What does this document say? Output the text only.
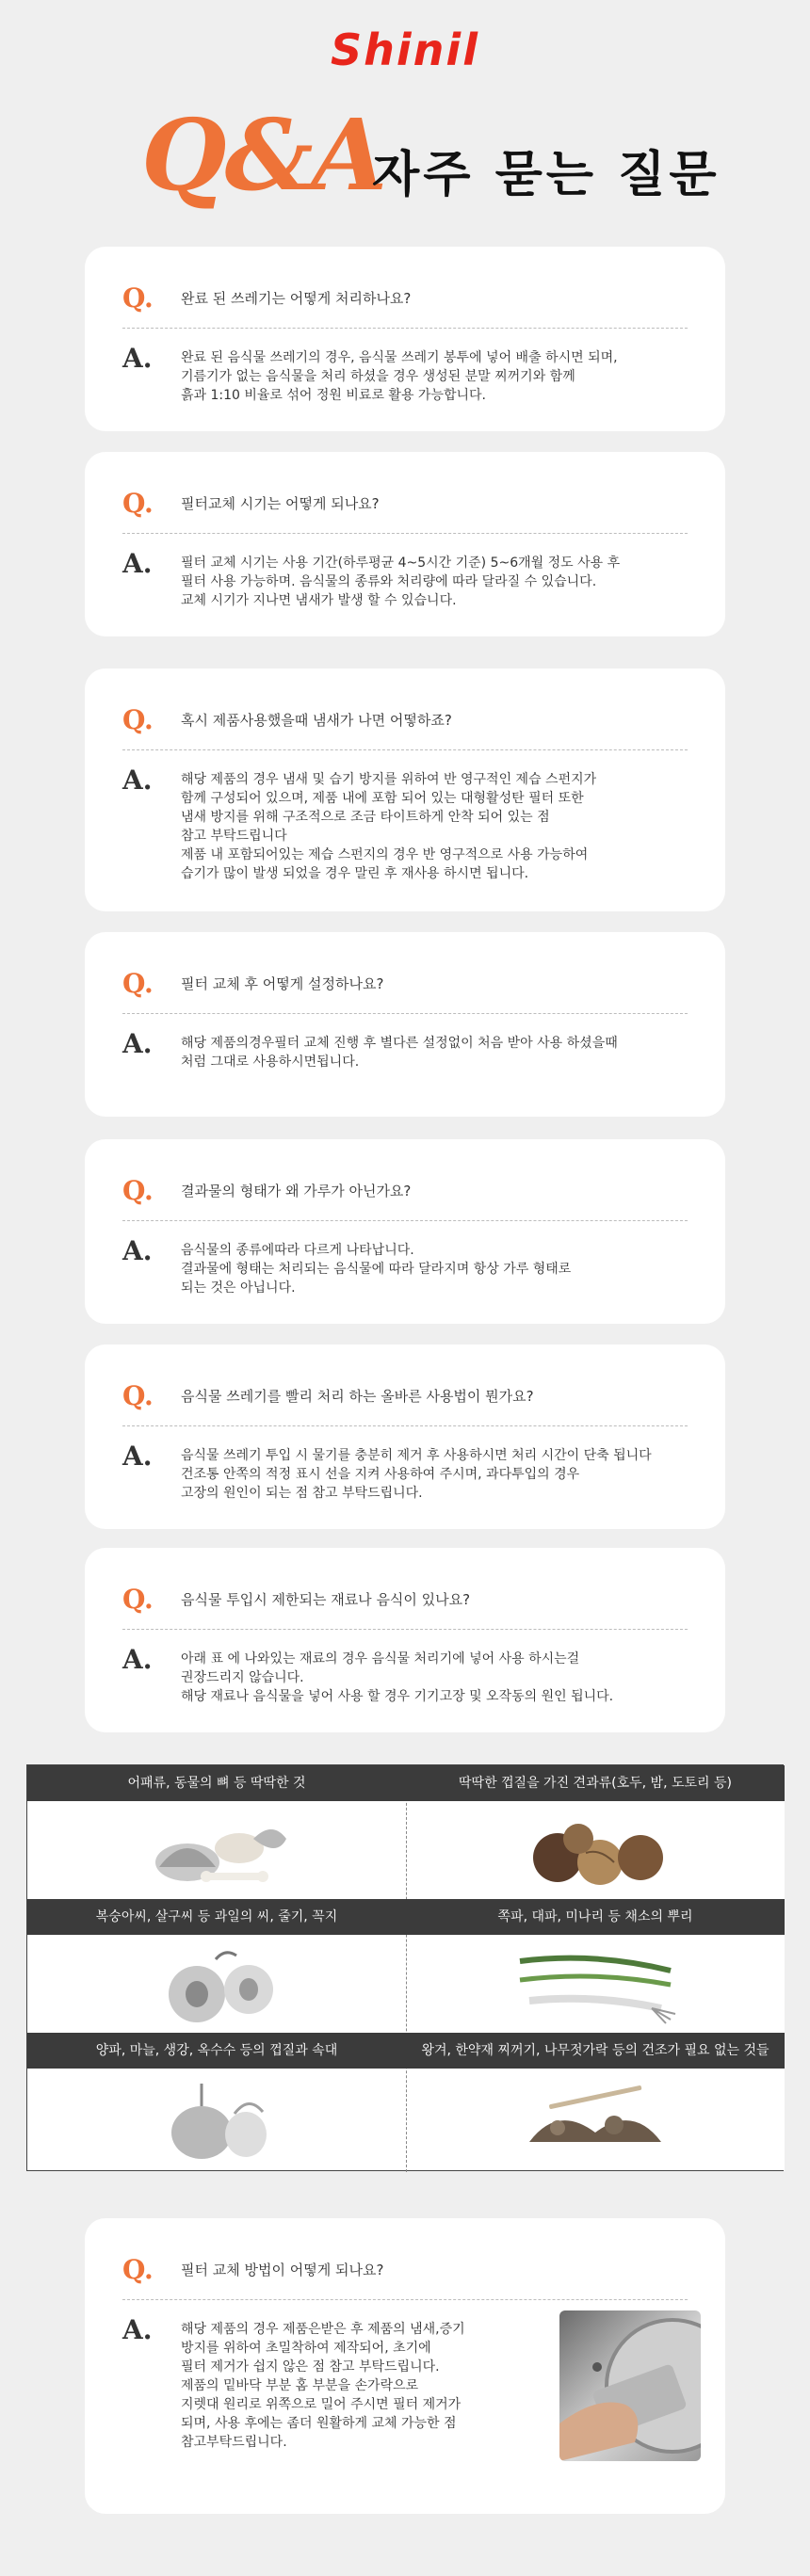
Shinil
Q&A
자주 묻는 질문
Q. 완료 된 쓰레기는 어떻게 처리하나요?
A. 완료 된 음식물 쓰레기의 경우, 음식물 쓰레기 봉투에 넣어 배출 하시면 되며,
기름기가 없는 음식물을 처리 하셨을 경우 생성된 분말 찌꺼기와 함께
흙과 1:10 비율로 섞어 정원 비료로 활용 가능합니다.
Q. 필터교체 시기는 어떻게 되나요?
A. 필터 교체 시기는 사용 기간(하루평균 4~5시간 기준) 5~6개월 정도 사용 후
필터 사용 가능하며. 음식물의 종류와 처리량에 따라 달라질 수 있습니다.
교체 시기가 지나면 냄새가 발생 할 수 있습니다.
Q. 혹시 제품사용했을때 냄새가 나면 어떻하죠?
A. 해당 제품의 경우 냄새 및 습기 방지를 위하여 반 영구적인 제습 스펀지가
함께 구성되어 있으며, 제품 내에 포함 되어 있는 대형활성탄 필터 또한
냄새 방지를 위해 구조적으로 조금 타이트하게 안착 되어 있는 점
참고 부탁드립니다
제품 내 포함되어있는 제습 스펀지의 경우 반 영구적으로 사용 가능하여
습기가 많이 발생 되었을 경우 말린 후 재사용 하시면 됩니다.
Q. 필터 교체 후 어떻게 설정하나요?
A. 해당 제품의경우필터 교체 진행 후 별다른 설정없이 처음 받아 사용 하셨을때
처럼 그대로 사용하시면됩니다.
Q. 결과물의 형태가 왜 가루가 아닌가요?
A. 음식물의 종류에따라 다르게 나타납니다.
결과물에 형태는 처리되는 음식물에 따라 달라지며 항상 가루 형태로
되는 것은 아닙니다.
Q. 음식물 쓰레기를 빨리 처리 하는 올바른 사용법이 뭔가요?
A. 음식물 쓰레기 투입 시 물기를 충분히 제거 후 사용하시면 처리 시간이 단축 됩니다
건조통 안쪽의 적정 표시 선을 지켜 사용하여 주시며, 과다투입의 경우
고장의 원인이 되는 점 참고 부탁드립니다.
Q. 음식물 투입시 제한되는 재료나 음식이 있나요?
A. 아래 표 에 나와있는 재료의 경우 음식물 처리기에 넣어 사용 하시는걸
권장드리지 않습니다.
해당 재료나 음식물을 넣어 사용 할 경우 기기고장 및 오작동의 원인 됩니다.
어패류, 동물의 뼈 등 딱딱한 것	딱딱한 껍질을 가진 견과류(호두, 밤, 도토리 등)
복숭아씨, 살구씨 등 과일의 씨, 줄기, 꼭지	쪽파, 대파, 미나리 등 채소의 뿌리
양파, 마늘, 생강, 옥수수 등의 껍질과 속대	왕겨, 한약재 찌꺼기, 나무젓가락 등의 건조가 필요 없는 것들
Q. 필터 교체 방법이 어떻게 되나요?
A. 해당 제품의 경우 제품은받은 후 제품의 냄새,증기
방지를 위하여 초밀착하여 제작되어, 초기에
필터 제거가 쉽지 않은 점 참고 부탁드립니다.
제품의 밑바닥 부분 홈 부분을 손가락으로
지렛대 원리로 위쪽으로 밀어 주시면 필터 제거가
되며, 사용 후에는 좀더 원활하게 교체 가능한 점
참고부탁드립니다.
